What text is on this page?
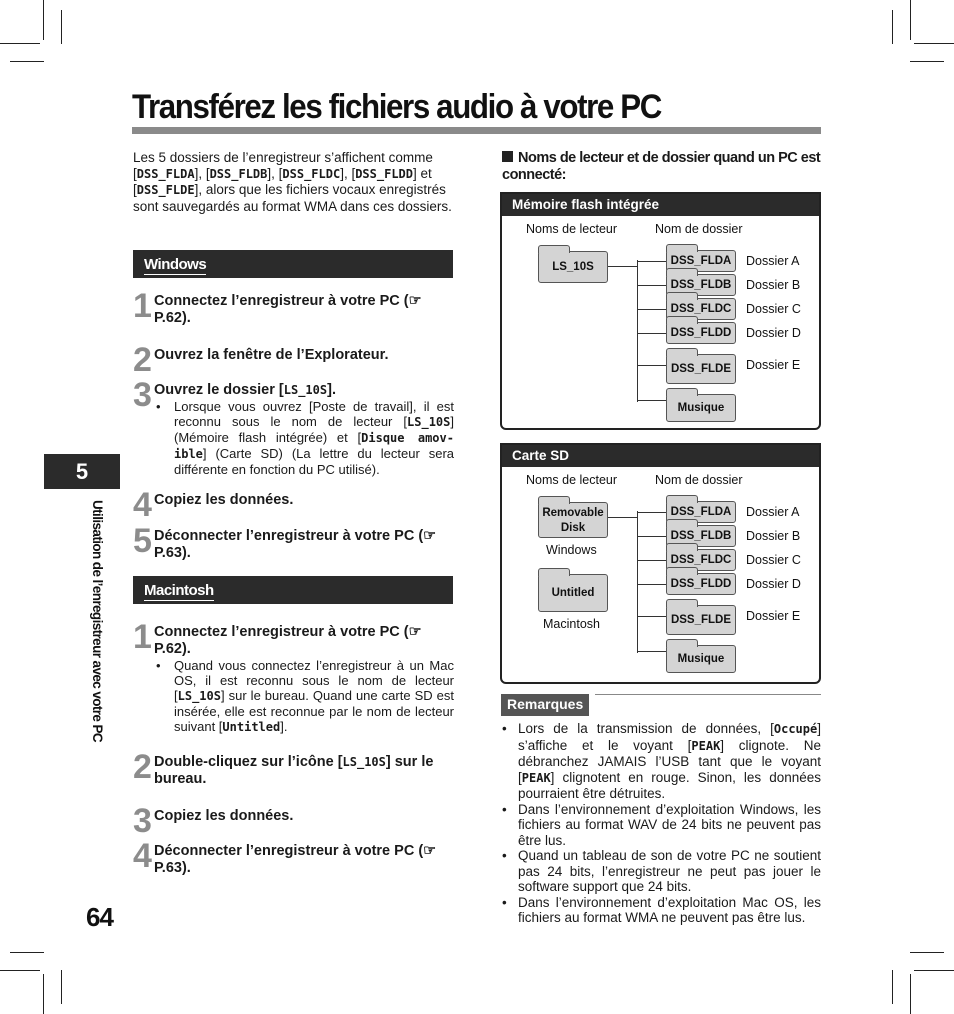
Transférez les fichiers audio à votre PC
Les 5 dossiers de l’enregistreur s’affichent comme [DSS_FLDA], [DSS_FLDB], [DSS_FLDC], [DSS_FLDD] et [DSS_FLDE], alors que les fichiers vocaux enregistrés sont sauvegardés au format WMA dans ces dossiers.
Windows
1 Connectez l’enregistreur à votre PC (☞ P.62).
2 Ouvrez la fenêtre de l’Explorateur.
3 Ouvrez le dossier [LS_10S].
• Lorsque vous ouvrez [Poste de travail], il est reconnu sous le nom de lecteur [LS_10S] (Mémoire flash intégrée) et [Disque amov-ible] (Carte SD) (La lettre du lecteur sera différente en fonction du PC utilisé).
4 Copiez les données.
5 Déconnecter l’enregistreur à votre PC (☞ P.63).
Macintosh
1 Connectez l’enregistreur à votre PC (☞ P.62).
• Quand vous connectez l’enregistreur à un Mac OS, il est reconnu sous le nom de lecteur [LS_10S] sur le bureau. Quand une carte SD est insérée, elle est reconnue par le nom de lecteur suivant [Untitled].
2 Double-cliquez sur l’icône [LS_10S] sur le bureau.
3 Copiez les données.
4 Déconnecter l’enregistreur à votre PC (☞ P.63).
5
Utilisation de l’enregistreur avec votre PC
64
Noms de lecteur et de dossier quand un PC est connecté:
Mémoire flash intégrée
Noms de lecteur	Nom de dossier
LS_10S	DSS_FLDA	Dossier A
DSS_FLDB	Dossier B
DSS_FLDC	Dossier C
DSS_FLDD	Dossier D
DSS_FLDE	Dossier E
Musique
Carte SD
Noms de lecteur	Nom de dossier
Removable Disk
Windows
Untitled
Macintosh
DSS_FLDA	Dossier A
DSS_FLDB	Dossier B
DSS_FLDC	Dossier C
DSS_FLDD	Dossier D
DSS_FLDE	Dossier E
Musique
Remarques

• Lors de la transmission de données, [Occupé] s’affiche et le voyant [PEAK] clignote. Ne débranchez JAMAIS l’USB tant que le voyant [PEAK] clignotent en rouge. Sinon, les données pourraient être détruites.

• Dans l’environnement d’exploitation Windows, les fichiers au format WAV de 24 bits ne peuvent pas être lus.

• Quand un tableau de son de votre PC ne soutient pas 24 bits, l’enregistreur ne peut pas jouer le software support que 24 bits.

• Dans l’environnement d’exploitation Mac OS, les fichiers au format WMA ne peuvent pas être lus.
